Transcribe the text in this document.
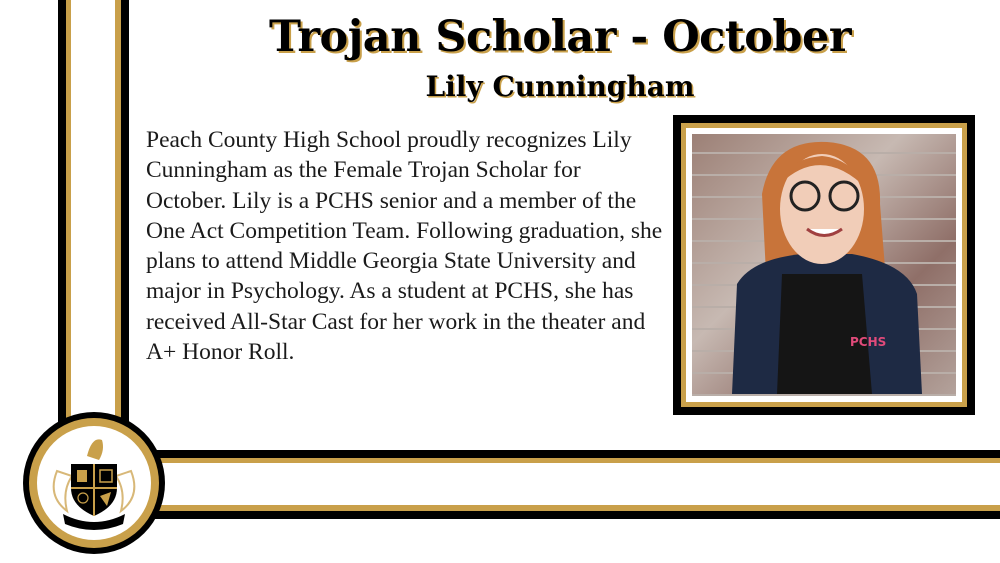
Trojan Scholar - October
Lily Cunningham
Peach County High School proudly recognizes Lily Cunningham as the Female Trojan Scholar for October. Lily is a PCHS senior and a member of the One Act Competition Team. Following graduation, she plans to attend Middle Georgia State University and major in Psychology. As a student at PCHS, she has received All-Star Cast for her work in the theater and A+ Honor Roll.	PCHS
